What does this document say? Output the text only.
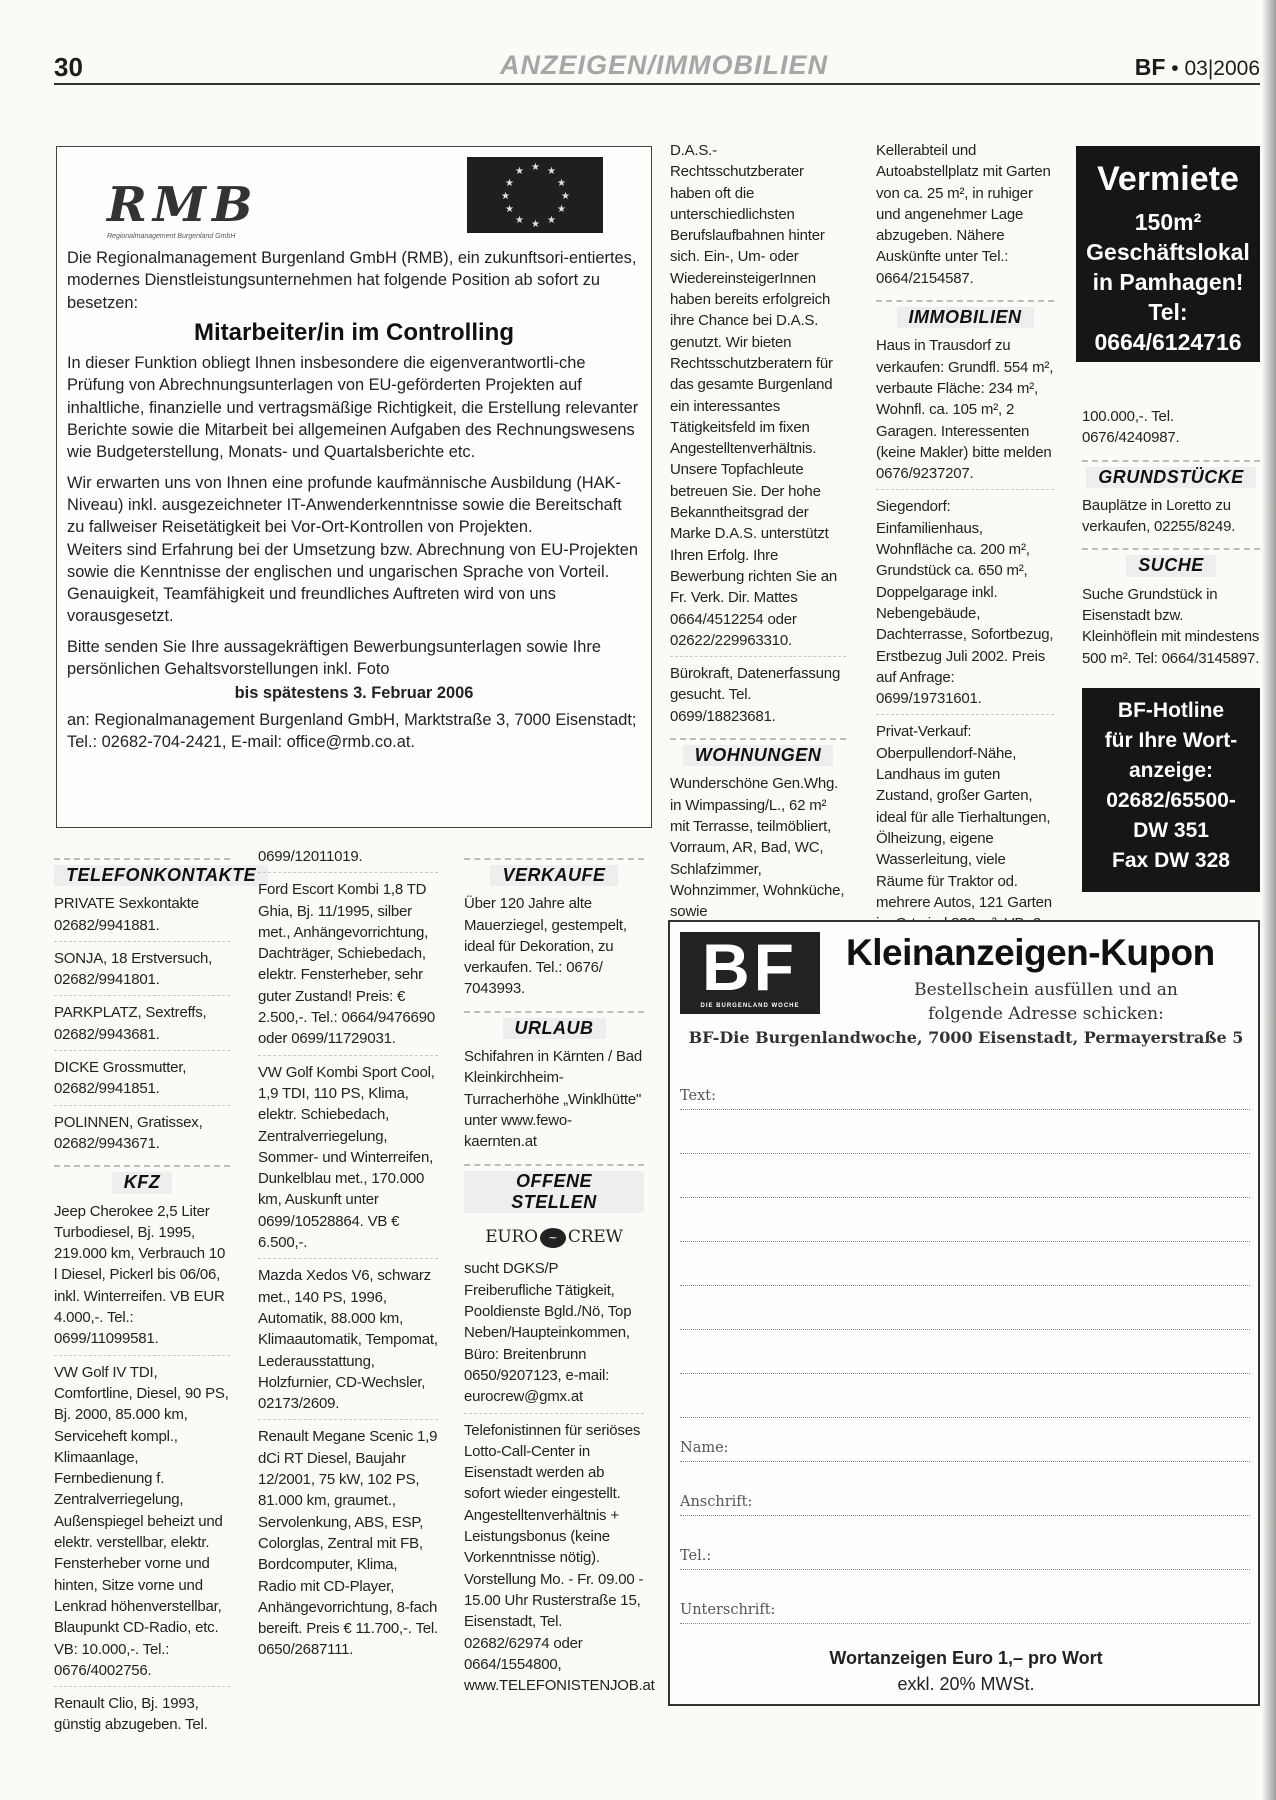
30	ANZEIGEN/IMMOBILIEN	BF • 03|2006
RMB
Regionalmanagement Burgenland GmbH
★ ★
★
★
★
★
★
★
★
★
★
★

Die Regionalmanagement Burgenland GmbH (RMB), ein zukunftsori-entiertes, modernes Dienstleistungsunternehmen hat folgende Position ab sofort zu besetzen:

Mitarbeiter/in im Controlling

In dieser Funktion obliegt Ihnen insbesondere die eigenverantwortli-che Prüfung von Abrechnungsunterlagen von EU-geförderten Projekten auf inhaltliche, finanzielle und vertragsmäßige Richtigkeit, die Erstellung relevanter Berichte sowie die Mitarbeit bei allgemeinen Aufgaben des Rechnungswesens wie Budgeterstellung, Monats- und Quartalsberichte etc.

Wir erwarten uns von Ihnen eine profunde kaufmännische Ausbildung (HAK-Niveau) inkl. ausgezeichneter IT-Anwenderkenntnisse sowie die Bereitschaft zu fallweiser Reisetätigkeit bei Vor-Ort-Kontrollen von Projekten.

Weiters sind Erfahrung bei der Umsetzung bzw. Abrechnung von EU-Projekten sowie die Kenntnisse der englischen und ungarischen Sprache von Vorteil. Genauigkeit, Teamfähigkeit und freundliches Auftreten wird von uns vorausgesetzt.

Bitte senden Sie Ihre aussagekräftigen Bewerbungsunterlagen sowie Ihre persönlichen Gehaltsvorstellungen inkl. Foto

bis spätestens 3. Februar 2006

an: Regionalmanagement Burgenland GmbH, Marktstraße 3, 7000 Eisenstadt; Tel.: 02682-704-2421, E-mail: office@rmb.co.at.

TELEFONKONTAKTE

PRIVATE Sexkontakte
02682/9941881.

SONJA, 18 Erstversuch,
02682/9941801.

PARKPLATZ, Sextreffs,
02682/9943681.

DICKE Grossmutter,
02682/9941851.

POLINNEN, Gratissex,
02682/9943671.

KFZ

Jeep Cherokee 2,5 Liter Turbodiesel, Bj. 1995, 219.000 km, Verbrauch 10 l Diesel, Pickerl bis 06/06, inkl. Winterreifen. VB EUR 4.000,-. Tel.: 0699/11099581.

VW Golf IV TDI, Comfortline, Diesel, 90 PS, Bj. 2000, 85.000 km, Serviceheft kompl., Klimaanlage, Fernbedienung f. Zentralverriegelung, Außenspiegel beheizt und elektr. verstellbar, elektr. Fensterheber vorne und hinten, Sitze vorne und Lenkrad höhenverstellbar, Blaupunkt CD-Radio, etc. VB: 10.000,-. Tel.: 0676/4002756.

Renault Clio, Bj. 1993, günstig abzugeben. Tel.

0699/12011019.

Ford Escort Kombi 1,8 TD Ghia, Bj. 11/1995, silber met., Anhängevorrichtung, Dachträger, Schiebedach, elektr. Fensterheber, sehr guter Zustand! Preis: € 2.500,-. Tel.: 0664/9476690 oder 0699/11729031.

VW Golf Kombi Sport Cool, 1,9 TDI, 110 PS, Klima, elektr. Schiebedach, Zentralverriegelung, Sommer- und Winterreifen, Dunkelblau met., 170.000 km, Auskunft unter 0699/10528864. VB € 6.500,-.

Mazda Xedos V6, schwarz met., 140 PS, 1996, Automatik, 88.000 km, Klimaautomatik, Tempomat, Lederausstattung, Holzfurnier, CD-Wechsler, 02173/2609.

Renault Megane Scenic 1,9 dCi RT Diesel, Baujahr 12/2001, 75 kW, 102 PS, 81.000 km, graumet., Servolenkung, ABS, ESP, Colorglas, Zentral mit FB, Bordcomputer, Klima, Radio mit CD-Player, Anhängevorrichtung, 8-fach bereift. Preis € 11.700,-. Tel. 0650/2687111.

VERKAUFE

Über 120 Jahre alte Mauerziegel, gestempelt, ideal für Dekoration, zu verkaufen. Tel.: 0676/ 7043993.

URLAUB

Schifahren in Kärnten / Bad Kleinkirchheim-Turracherhöhe „Winklhütte" unter www.fewo-kaernten.at

OFFENE STELLEN
EURO ~ CREW

sucht DGKS/P Freiberufliche Tätigkeit, Pooldienste Bgld./Nö, Top Neben/Haupteinkommen, Büro: Breitenbrunn 0650/9207123, e-mail: eurocrew@gmx.at

Telefonistinnen für seriöses Lotto-Call-Center in Eisenstadt werden ab sofort wieder eingestellt. Angestelltenverhältnis + Leistungsbonus (keine Vorkenntnisse nötig). Vorstellung Mo. - Fr. 09.00 - 15.00 Uhr Rusterstraße 15, Eisenstadt, Tel. 02682/62974 oder 0664/1554800, www.TELEFONISTENJOB.at

D.A.S.-Rechtsschutzberater haben oft die unterschiedlichsten Berufslaufbahnen hinter sich. Ein-, Um- oder WiedereinsteigerInnen haben bereits erfolgreich ihre Chance bei D.A.S. genutzt. Wir bieten Rechtsschutzberatern für das gesamte Burgenland ein interessantes Tätigkeitsfeld im fixen Angestelltenverhältnis. Unsere Topfachleute betreuen Sie. Der hohe Bekanntheitsgrad der Marke D.A.S. unterstützt Ihren Erfolg. Ihre Bewerbung richten Sie an Fr. Verk. Dir. Mattes 0664/4512254 oder 02622/229963310.

Bürokraft, Datenerfassung gesucht. Tel. 0699/18823681.

WOHNUNGEN

Wunderschöne Gen.Whg. in Wimpassing/L., 62 m² mit Terrasse, teilmöbliert, Vorraum, AR, Bad, WC, Schlafzimmer, Wohnzimmer, Wohnküche, sowie

Kellerabteil und Autoabstellplatz mit Garten von ca. 25 m², in ruhiger und angenehmer Lage abzugeben. Nähere Auskünfte unter Tel.: 0664/2154587.

IMMOBILIEN

Haus in Trausdorf zu verkaufen: Grundfl. 554 m², verbaute Fläche: 234 m², Wohnfl. ca. 105 m², 2 Garagen. Interessenten (keine Makler) bitte melden 0676/9237207.

Siegendorf: Einfamilienhaus, Wohnfläche ca. 200 m², Grundstück ca. 650 m², Doppelgarage inkl. Nebengebäude, Dachterrasse, Sofortbezug, Erstbezug Juli 2002. Preis auf Anfrage: 0699/19731601.

Privat-Verkauf: Oberpullendorf-Nähe, Landhaus im guten Zustand, großer Garten, ideal für alle Tierhaltungen, Ölheizung, eigene Wasserleitung, viele Räume für Traktor od. mehrere Autos, 121 Garten

Vermiete
150m²
Geschäftslokal
in Pamhagen!
Tel:
0664/6124716

100.000,-. Tel. 0676/4240987.

GRUNDSTÜCKE

Bauplätze in Loretto zu verkaufen, 02255/8249.

SUCHE

Suche Grundstück in Eisenstadt bzw. Kleinhöflein mit mindestens 500 m². Tel: 0664/3145897.

BF-Hotline
für Ihre Wort-
anzeige:
02682/65500-
DW 351
Fax DW 328
BF
DIE BURGENLAND WOCHE
Kleinanzeigen-Kupon
Bestellschein ausfüllen und an
folgende Adresse schicken:
BF-Die Burgenlandwoche, 7000 Eisenstadt, Permayerstraße 5
Text:
Name:
Anschrift:
Tel.:
Unterschrift:
Wortanzeigen Euro 1,– pro Wort
exkl. 20% MWSt.
